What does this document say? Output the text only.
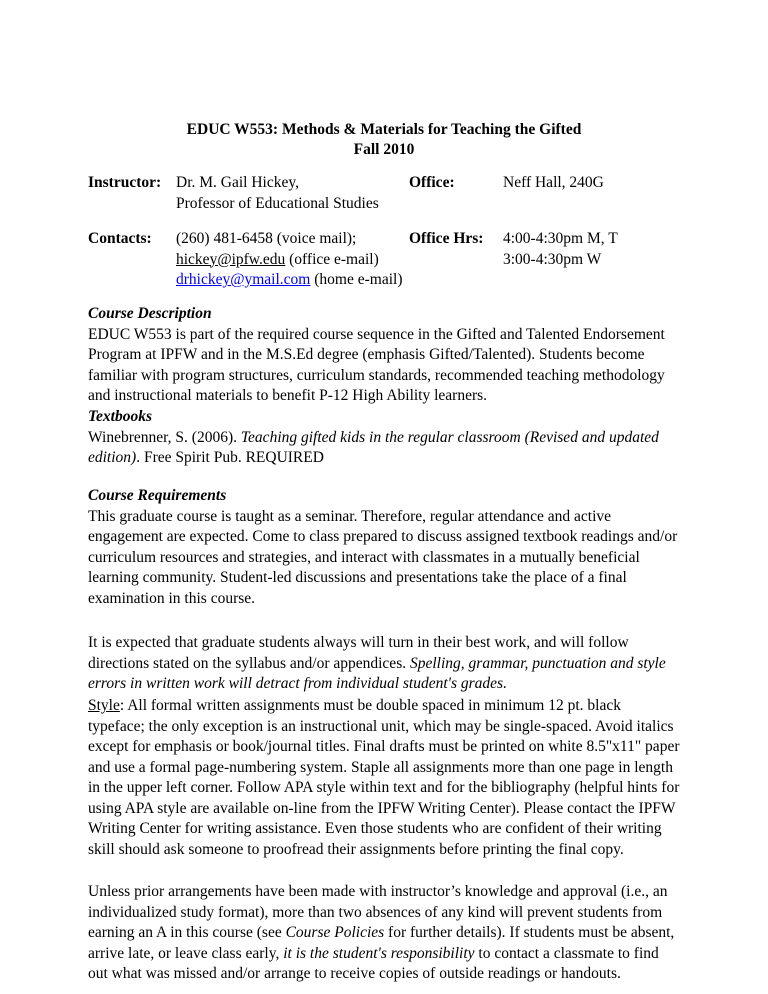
EDUC W553: Methods & Materials for Teaching the Gifted
Fall 2010
Instructor: Dr. M. Gail Hickey,
Professor of Educational Studies
Office:	Neff Hall, 240G
Contacts: (260) 481-6458 (voice mail);
hickey@ipfw.edu (office e-mail)
drhickey@ymail.com (home e-mail)
Office Hrs: 4:00-4:30pm M, T
3:00-4:30pm W
Course Description

EDUC W553 is part of the required course sequence in the Gifted and Talented Endorsement Program at IPFW and in the M.S.Ed degree (emphasis Gifted/Talented). Students become familiar with program structures, curriculum standards, recommended teaching methodology and instructional materials to benefit P-12 High Ability learners.

Textbooks

Winebrenner, S. (2006). Teaching gifted kids in the regular classroom (Revised and updated edition). Free Spirit Pub. REQUIRED

Course Requirements

This graduate course is taught as a seminar. Therefore, regular attendance and active engagement are expected. Come to class prepared to discuss assigned textbook readings and/or curriculum resources and strategies, and interact with classmates in a mutually beneficial learning community. Student-led discussions and presentations take the place of a final examination in this course.

It is expected that graduate students always will turn in their best work, and will follow directions stated on the syllabus and/or appendices. Spelling, grammar, punctuation and style errors in written work will detract from individual student's grades.

Style: All formal written assignments must be double spaced in minimum 12 pt. black typeface; the only exception is an instructional unit, which may be single-spaced. Avoid italics except for emphasis or book/journal titles. Final drafts must be printed on white 8.5"x11" paper and use a formal page-numbering system. Staple all assignments more than one page in length in the upper left corner. Follow APA style within text and for the bibliography (helpful hints for using APA style are available on-line from the IPFW Writing Center). Please contact the IPFW Writing Center for writing assistance. Even those students who are confident of their writing skill should ask someone to proofread their assignments before printing the final copy.

Unless prior arrangements have been made with instructor’s knowledge and approval (i.e., an individualized study format), more than two absences of any kind will prevent students from earning an A in this course (see Course Policies for further details). If students must be absent, arrive late, or leave class early, it is the student's responsibility to contact a classmate to find out what was missed and/or arrange to receive copies of outside readings or handouts.
